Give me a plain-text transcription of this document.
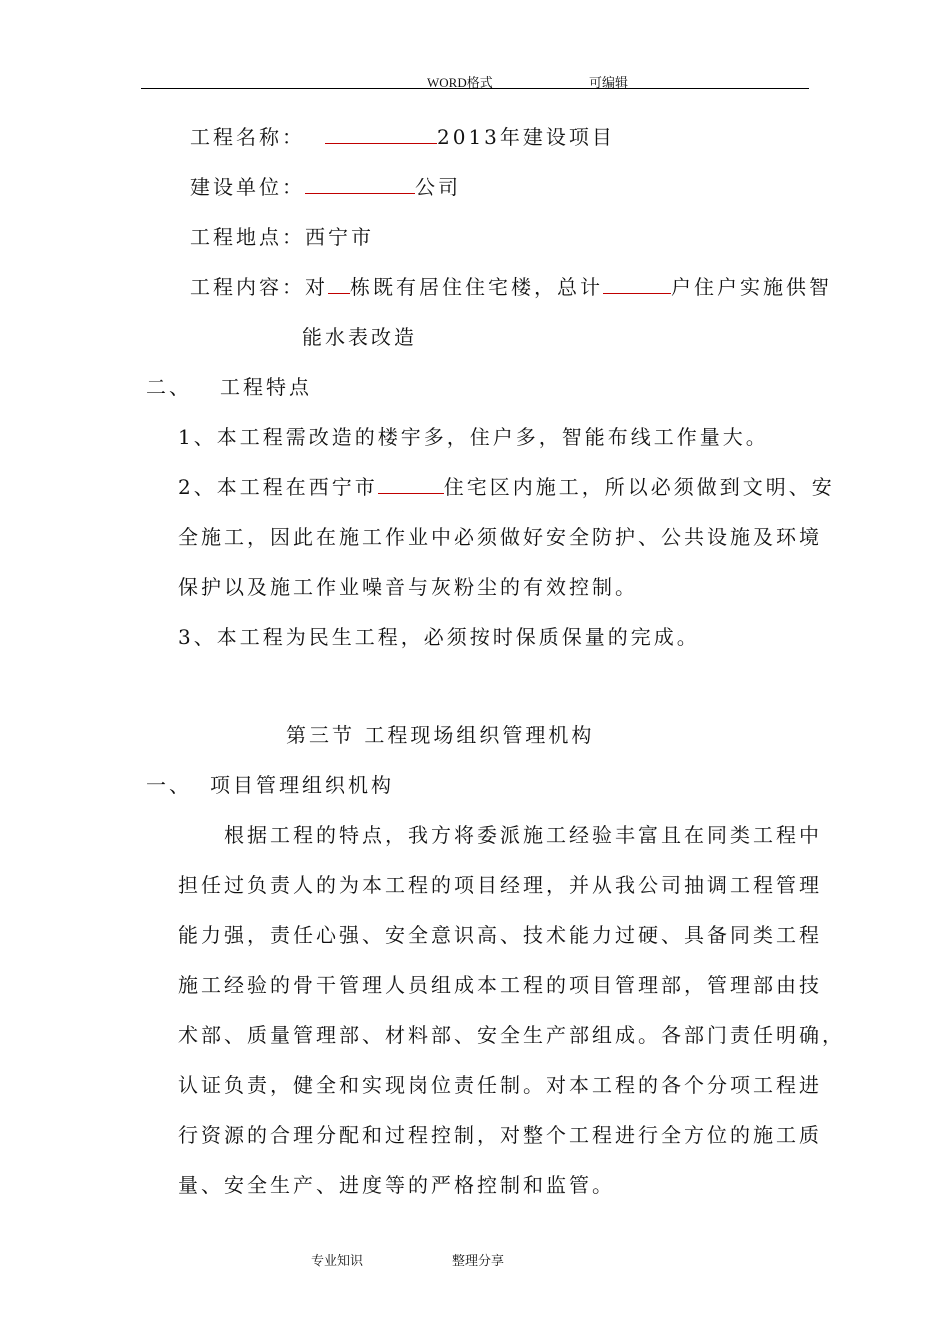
WORD格式	可编辑
工程名称：	2013年建设项目
建设单位：	公司
工程地点：西宁市
工程内容：对 栋既有居住住宅楼，总计	户住户实施供智
能水表改造
二、 工程特点
1、本工程需改造的楼宇多，住户多，智能布线工作量大。
2、本工程在西宁市	住宅区内施工，所以必须做到文明、安
全施工，因此在施工作业中必须做好安全防护、公共设施及环境
保护以及施工作业噪音与灰粉尘的有效控制。
3、本工程为民生工程，必须按时保质保量的完成。
第三节 工程现场组织管理机构
一、 项目管理组织机构
根据工程的特点，我方将委派施工经验丰富且在同类工程中
担任过负责人的为本工程的项目经理，并从我公司抽调工程管理
能力强，责任心强、安全意识高、技术能力过硬、具备同类工程
施工经验的骨干管理人员组成本工程的项目管理部，管理部由技
术部、质量管理部、材料部、安全生产部组成。各部门责任明确，
认证负责，健全和实现岗位责任制。对本工程的各个分项工程进
行资源的合理分配和过程控制，对整个工程进行全方位的施工质
量、安全生产、进度等的严格控制和监管。
专业知识	整理分享
